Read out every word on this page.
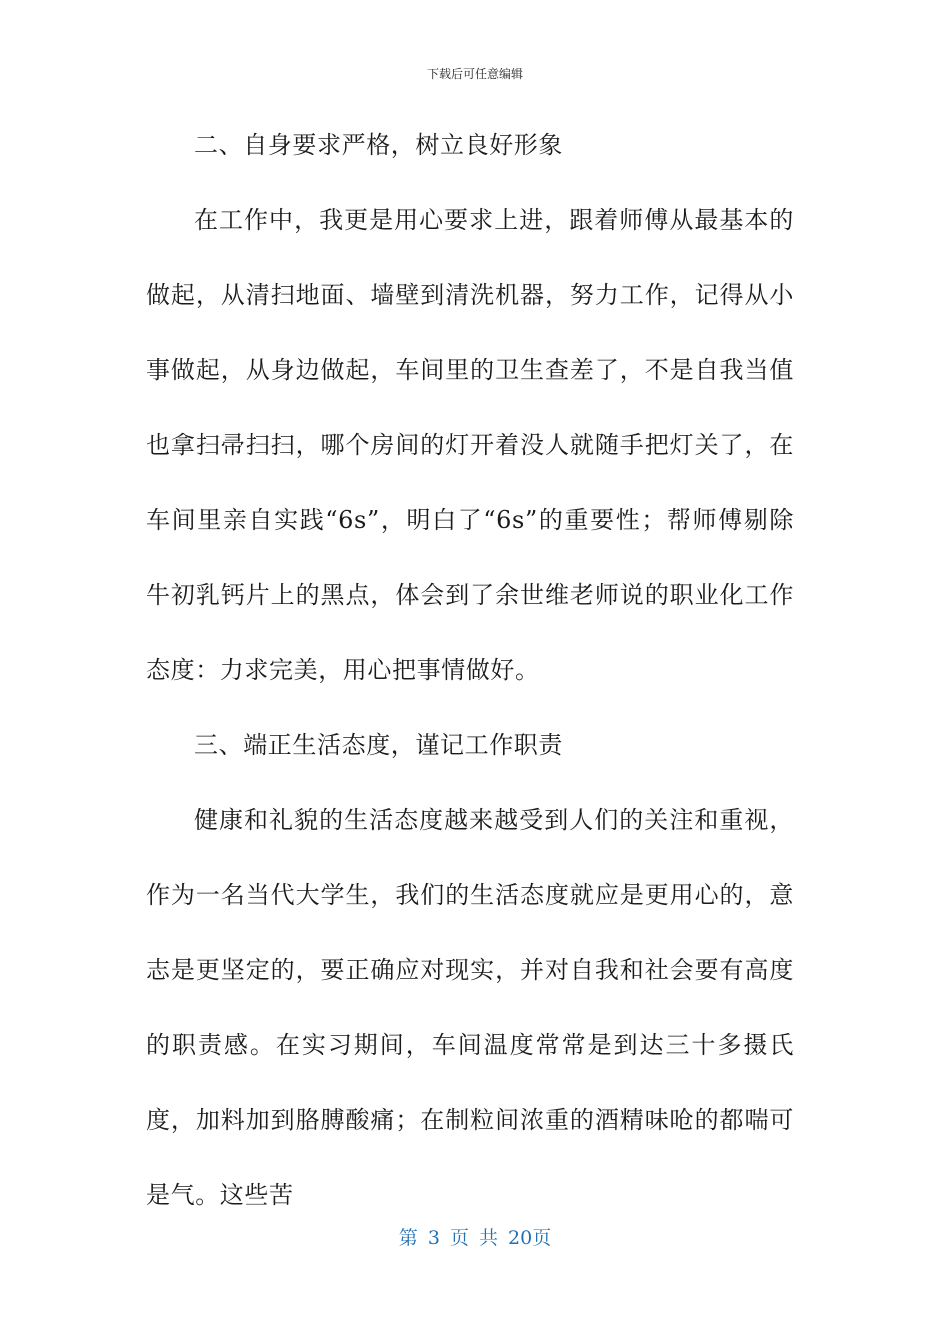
下载后可任意编辑

二、自身要求严格，树立良好形象

在工作中，我更是用心要求上进，跟着师傅从最基本的做起，从清扫地面、墙壁到清洗机器，努力工作，记得从小事做起，从身边做起，车间里的卫生查差了，不是自我当值也拿扫帚扫扫，哪个房间的灯开着没人就随手把灯关了，在车间里亲自实践“6s”，明白了“6s”的重要性；帮师傅剔除牛初乳钙片上的黑点，体会到了余世维老师说的职业化工作态度：力求完美，用心把事情做好。

三、端正生活态度，谨记工作职责

健康和礼貌的生活态度越来越受到人们的关注和重视，作为一名当代大学生，我们的生活态度就应是更用心的，意志是更坚定的，要正确应对现实，并对自我和社会要有高度的职责感。在实习期间，车间温度常常是到达三十多摄氏度，加料加到胳膊酸痛；在制粒间浓重的酒精味呛的都喘可是气。这些苦

第 3 页 共 20页
